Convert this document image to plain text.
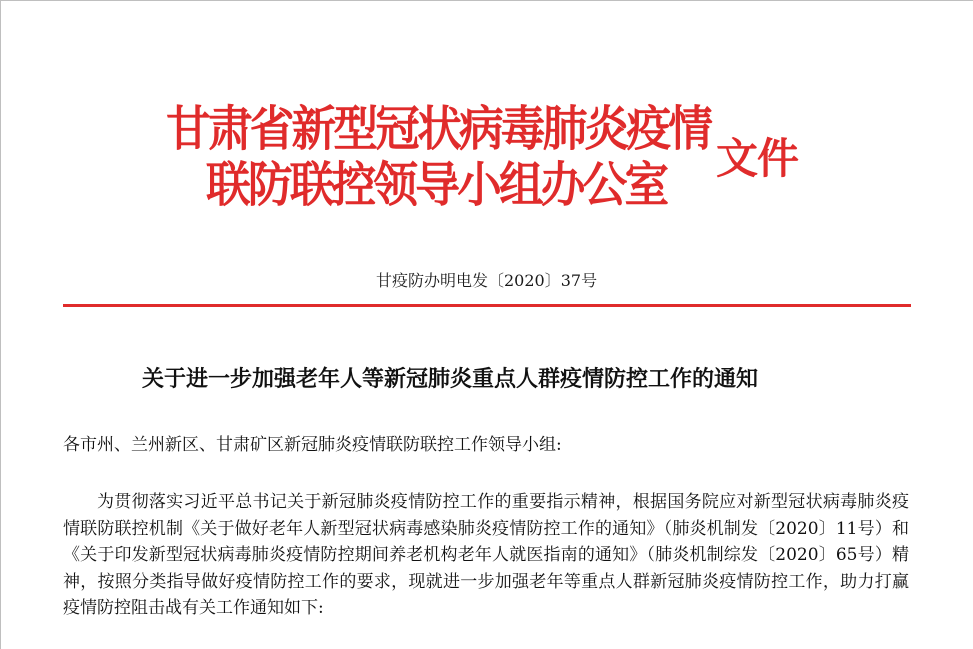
甘肃省新型冠状病毒肺炎疫情
联防联控领导小组办公室 文件
甘疫防办明电发〔2020〕37号
关于进一步加强老年人等新冠肺炎重点人群疫情防控工作的通知
各市州、兰州新区、甘肃矿区新冠肺炎疫情联防联控工作领导小组:

为贯彻落实习近平总书记关于新冠肺炎疫情防控工作的重要指示精神，根据国务院应对新型冠状病毒肺炎疫情联防联控机制《关于做好老年人新型冠状病毒感染肺炎疫情防控工作的通知》（肺炎机制发〔2020〕11号）和《关于印发新型冠状病毒肺炎疫情防控期间养老机构老年人就医指南的通知》（肺炎机制综发〔2020〕65号）精神，按照分类指导做好疫情防控工作的要求，现就进一步加强老年等重点人群新冠肺炎疫情防控工作，助力打赢疫情防控阻击战有关工作通知如下:
